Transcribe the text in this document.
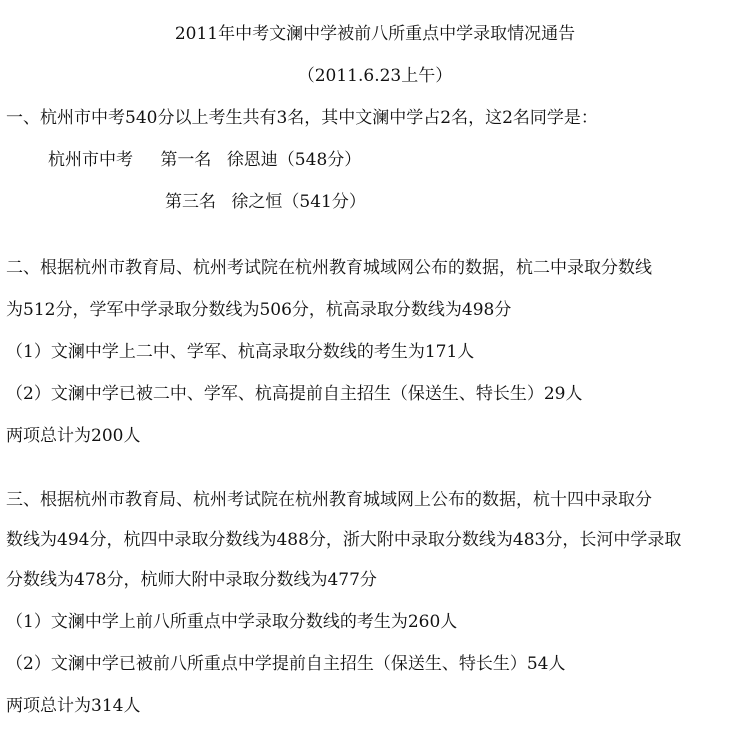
2011年中考文澜中学被前八所重点中学录取情况通告
（2011.6.23上午）
一、杭州市中考540分以上考生共有3名，其中文澜中学占2名，这2名同学是：
杭州市中考 第一名 徐恩迪（548分）
第三名 徐之恒（541分）
二、根据杭州市教育局、杭州考试院在杭州教育城域网公布的数据，杭二中录取分数线
为512分，学军中学录取分数线为506分，杭高录取分数线为498分
（1）文澜中学上二中、学军、杭高录取分数线的考生为171人
（2）文澜中学已被二中、学军、杭高提前自主招生（保送生、特长生）29人
两项总计为200人
三、根据杭州市教育局、杭州考试院在杭州教育城域网上公布的数据，杭十四中录取分
数线为494分，杭四中录取分数线为488分，浙大附中录取分数线为483分，长河中学录取
分数线为478分，杭师大附中录取分数线为477分
（1）文澜中学上前八所重点中学录取分数线的考生为260人
（2）文澜中学已被前八所重点中学提前自主招生（保送生、特长生）54人
两项总计为314人
